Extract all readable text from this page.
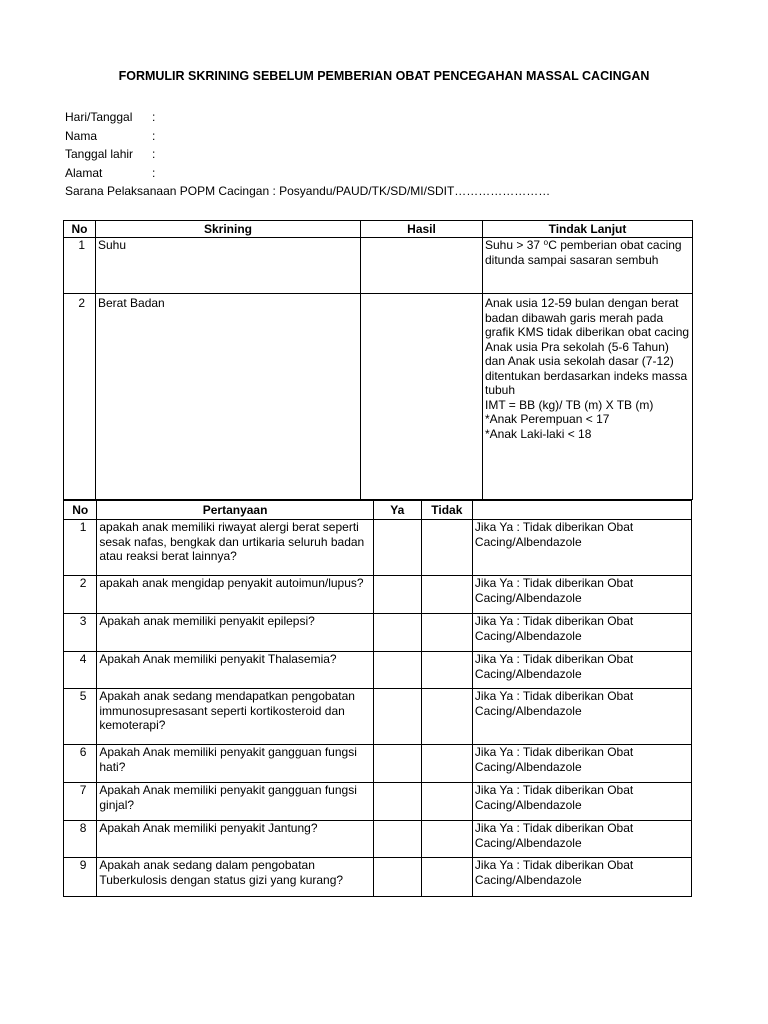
FORMULIR SKRINING SEBELUM PEMBERIAN OBAT PENCEGAHAN MASSAL CACINGAN
Hari/Tanggal	:
Nama	:
Tanggal lahir	:
Alamat	:
Sarana Pelaksanaan POPM Cacingan : Posyandu/PAUD/TK/SD/MI/SDIT……………………
No	Skrining	Hasil	Tindak Lanjut
1	Suhu		Suhu > 37 ⁰C pemberian obat cacing ditunda sampai sasaran sembuh
2	Berat Badan		Anak usia 12-59 bulan dengan berat badan dibawah garis merah pada grafik KMS tidak diberikan obat cacing
Anak usia Pra sekolah (5-6 Tahun) dan Anak usia sekolah dasar (7-12) ditentukan berdasarkan indeks massa tubuh
IMT = BB (kg)/ TB (m) X TB (m)
*Anak Perempuan < 17
*Anak Laki-laki < 18
No	Pertanyaan	Ya	Tidak	
1	apakah anak memiliki riwayat alergi berat seperti sesak nafas, bengkak dan urtikaria seluruh badan atau reaksi berat lainnya?			Jika Ya : Tidak diberikan Obat Cacing/Albendazole
2	apakah anak mengidap penyakit autoimun/lupus?			Jika Ya : Tidak diberikan Obat Cacing/Albendazole
3	Apakah anak memiliki penyakit epilepsi?			Jika Ya : Tidak diberikan Obat Cacing/Albendazole
4	Apakah Anak memiliki penyakit Thalasemia?			Jika Ya : Tidak diberikan Obat Cacing/Albendazole
5	Apakah anak sedang mendapatkan pengobatan immunosupresasant seperti kortikosteroid dan kemoterapi?			Jika Ya : Tidak diberikan Obat Cacing/Albendazole
6	Apakah Anak memiliki penyakit gangguan fungsi hati?			Jika Ya : Tidak diberikan Obat Cacing/Albendazole
7	Apakah Anak memiliki penyakit gangguan fungsi ginjal?			Jika Ya : Tidak diberikan Obat Cacing/Albendazole
8	Apakah Anak memiliki penyakit Jantung?			Jika Ya : Tidak diberikan Obat Cacing/Albendazole
9	Apakah anak sedang dalam pengobatan Tuberkulosis dengan status gizi yang kurang?			Jika Ya : Tidak diberikan Obat Cacing/Albendazole
